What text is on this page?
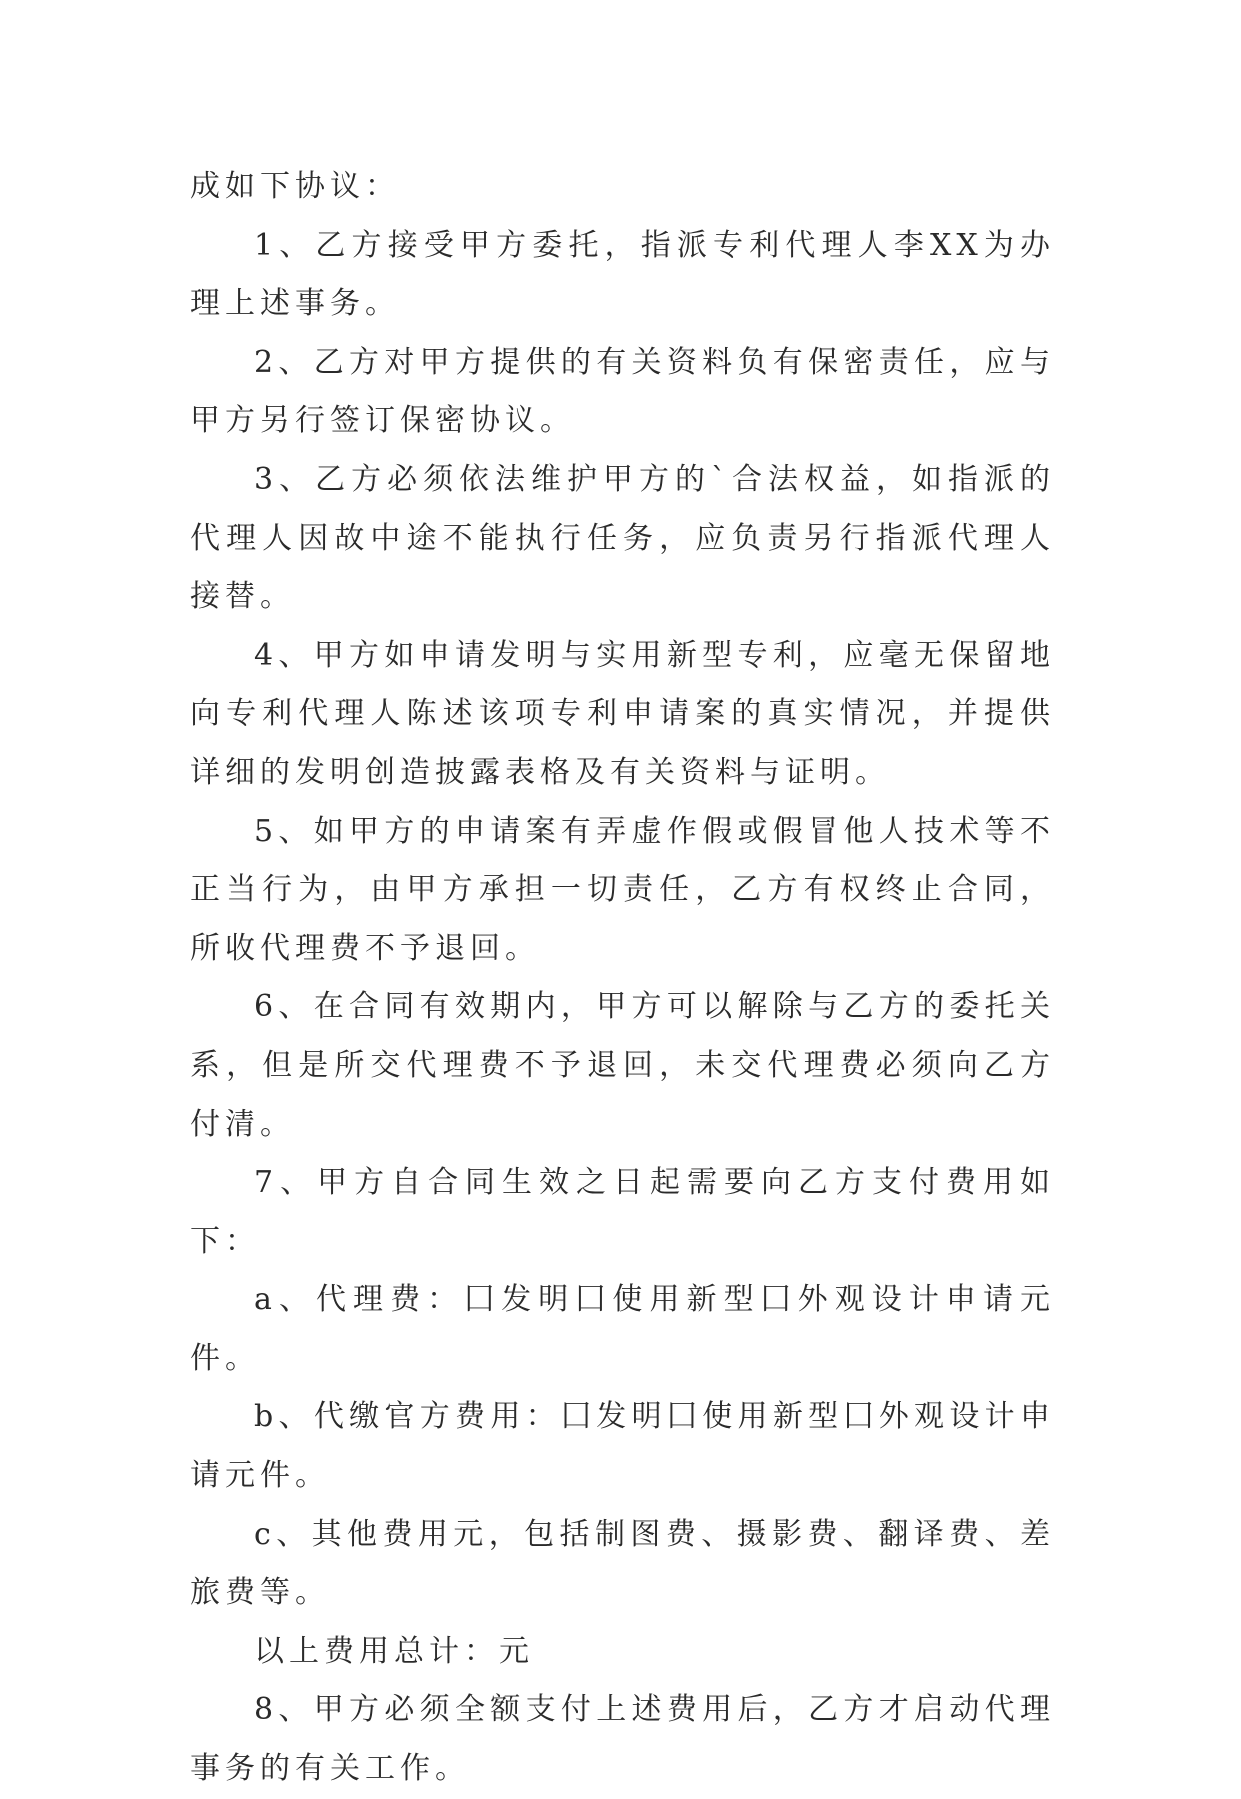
成如下协议：

1、乙方接受甲方委托，指派专利代理人李XX为办理上述事务。

2、乙方对甲方提供的有关资料负有保密责任，应与甲方另行签订保密协议。

3、乙方必须依法维护甲方的`合法权益，如指派的代理人因故中途不能执行任务，应负责另行指派代理人接替。

4、甲方如申请发明与实用新型专利，应毫无保留地向专利代理人陈述该项专利申请案的真实情况，并提供详细的发明创造披露表格及有关资料与证明。

5、如甲方的申请案有弄虚作假或假冒他人技术等不正当行为，由甲方承担一切责任，乙方有权终止合同，所收代理费不予退回。

6、在合同有效期内，甲方可以解除与乙方的委托关系，但是所交代理费不予退回，未交代理费必须向乙方付清。

7、甲方自合同生效之日起需要向乙方支付费用如下：

a、代理费：囗发明囗使用新型囗外观设计申请元件。

b、代缴官方费用：囗发明囗使用新型囗外观设计申请元件。

c、其他费用元，包括制图费、摄影费、翻译费、差旅费等。

以上费用总计：元

8、甲方必须全额支付上述费用后，乙方才启动代理事务的有关工作。
